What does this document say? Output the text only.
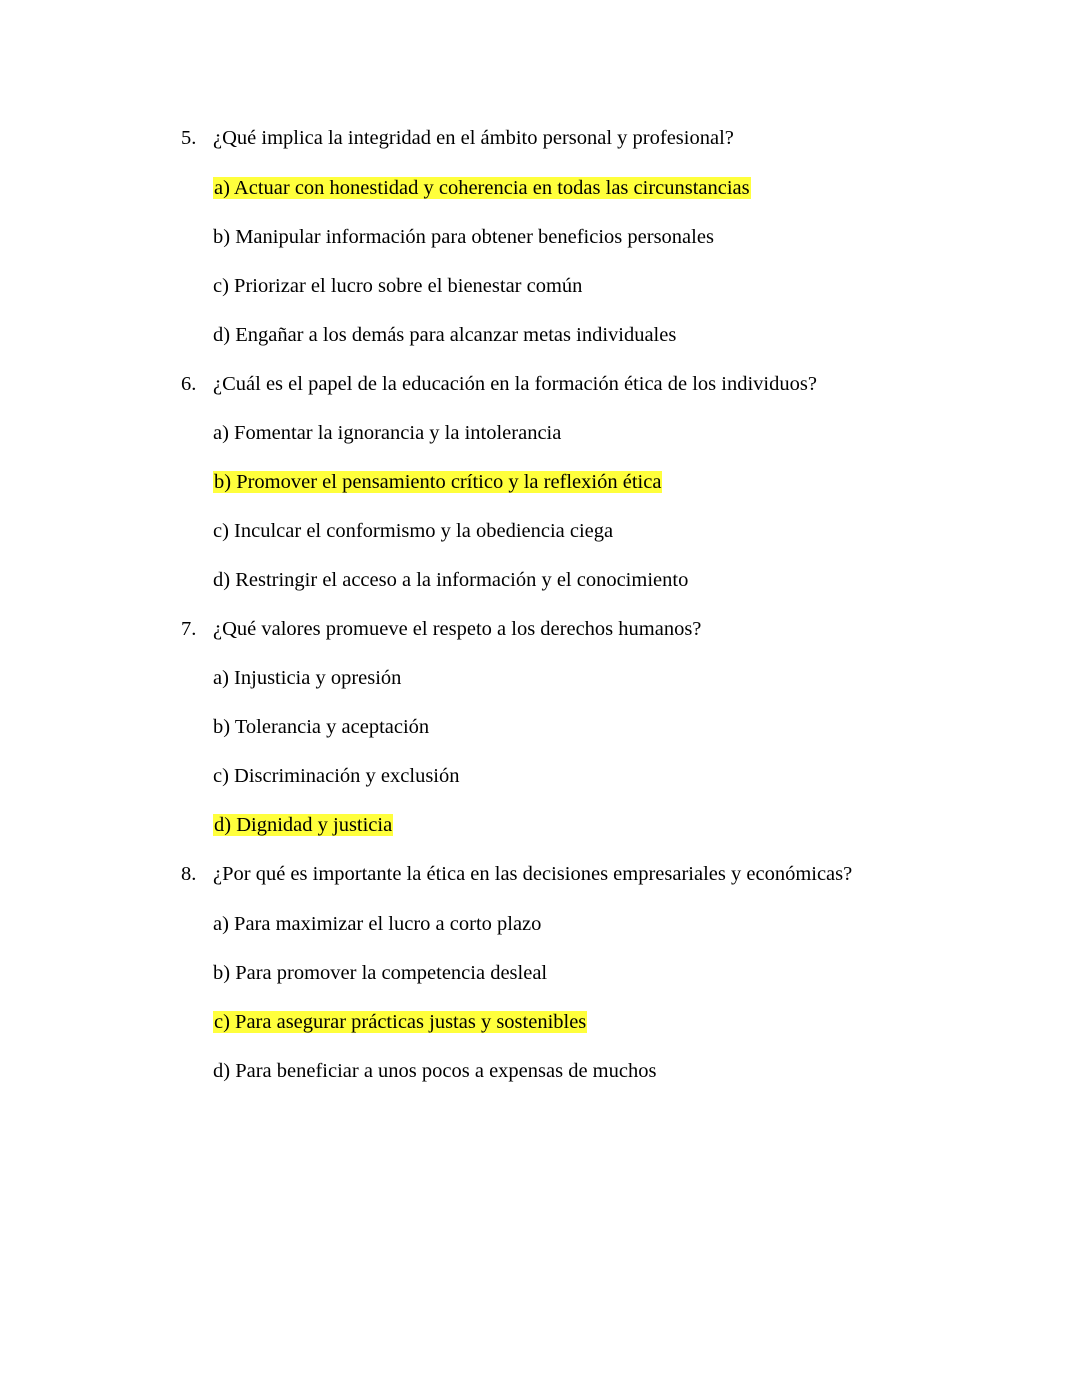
5. ¿Qué implica la integridad en el ámbito personal y profesional?
a) Actuar con honestidad y coherencia en todas las circunstancias
b) Manipular información para obtener beneficios personales
c) Priorizar el lucro sobre el bienestar común
d) Engañar a los demás para alcanzar metas individuales
6. ¿Cuál es el papel de la educación en la formación ética de los individuos?
a) Fomentar la ignorancia y la intolerancia
b) Promover el pensamiento crítico y la reflexión ética
c) Inculcar el conformismo y la obediencia ciega
d) Restringir el acceso a la información y el conocimiento
7. ¿Qué valores promueve el respeto a los derechos humanos?
a) Injusticia y opresión
b) Tolerancia y aceptación
c) Discriminación y exclusión
d) Dignidad y justicia
8. ¿Por qué es importante la ética en las decisiones empresariales y económicas?
a) Para maximizar el lucro a corto plazo
b) Para promover la competencia desleal
c) Para asegurar prácticas justas y sostenibles
d) Para beneficiar a unos pocos a expensas de muchos
